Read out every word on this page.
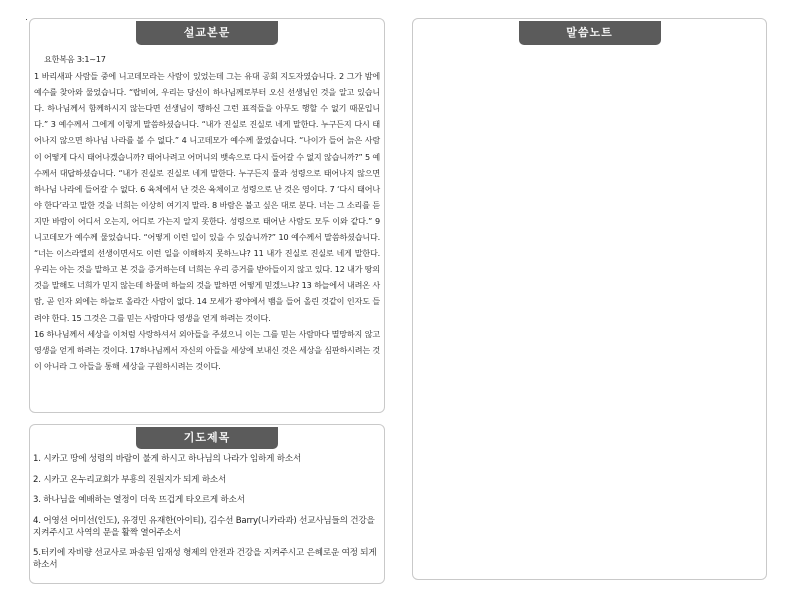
설교본문
요한복음 3:1~17
1 바리새파 사람들 중에 니고데모라는 사람이 있었는데 그는 유대 공회 지도자였습니다. 2 그가 밤에 예수를 찾아와 물었습니다. “랍비여, 우리는 당신이 하나님께로부터 오신 선생님인 것을 알고 있습니다. 하나님께서 함께하시지 않는다면 선생님이 행하신 그런 표적들을 아무도 행할 수 없기 때문입니다.” 3 예수께서 그에게 이렇게 말씀하셨습니다. “내가 진실로 진실로 네게 말한다. 누구든지 다시 태어나지 않으면 하나님 나라를 볼 수 없다.” 4 니고데모가 예수께 물었습니다. “나이가 들어 늙은 사람이 어떻게 다시 태어나겠습니까? 태어나려고 어머니의 뱃속으로 다시 들어갈 수 없지 않습니까?” 5 예수께서 대답하셨습니다. “내가 진실로 진실로 네게 말한다. 누구든지 물과 성령으로 태어나지 않으면 하나님 나라에 들어갈 수 없다. 6 육체에서 난 것은 육체이고 성령으로 난 것은 영이다. 7 ‘다시 태어나야 한다’라고 말한 것을 너희는 이상히 여기지 말라. 8 바람은 불고 싶은 대로 분다. 너는 그 소리를 듣지만 바람이 어디서 오는지, 어디로 가는지 알지 못한다. 성령으로 태어난 사람도 모두 이와 같다.” 9 니고데모가 예수께 물었습니다. “어떻게 이런 일이 있을 수 있습니까?” 10 예수께서 말씀하셨습니다. “너는 이스라엘의 선생이면서도 이런 일을 이해하지 못하느냐? 11 내가 진실로 진실로 네게 말한다. 우리는 아는 것을 말하고 본 것을 증거하는데 너희는 우리 증거를 받아들이지 않고 있다. 12 내가 땅의 것을 말해도 너희가 믿지 않는데 하물며 하늘의 것을 말하면 어떻게 믿겠느냐? 13 하늘에서 내려온 사람, 곧 인자 외에는 하늘로 올라간 사람이 없다. 14 모세가 광야에서 뱀을 들어 올린 것같이 인자도 들려야 한다. 15 그것은 그를 믿는 사람마다 영생을 얻게 하려는 것이다.
16 하나님께서 세상을 이처럼 사랑하셔서 외아들을 주셨으니 이는 그를 믿는 사람마다 멸망하지 않고 영생을 얻게 하려는 것이다. 17하나님께서 자신의 아들을 세상에 보내신 것은 세상을 심판하시려는 것이 아니라 그 아들을 통해 세상을 구원하시려는 것이다.
말씀노트
기도제목
1. 시카고 땅에 성령의 바람이 불게 하시고 하나님의 나라가 임하게 하소서
2. 시카고 온누리교회가 부흥의 진원지가 되게 하소서
3. 하나님을 예배하는 열정이 더욱 뜨겁게 타오르게 하소서
4. 어영선 어미선(인도), 유경민 유재한(아이티), 김수선 Barry(니카라과) 선교사님들의 건강을 지켜주시고 사역의 문을 활짝 열어주소서
5.터키에 자비량 선교사로 파송된 임재성 형제의 안전과 건강을 지켜주시고 은혜로운 여정 되게 하소서
